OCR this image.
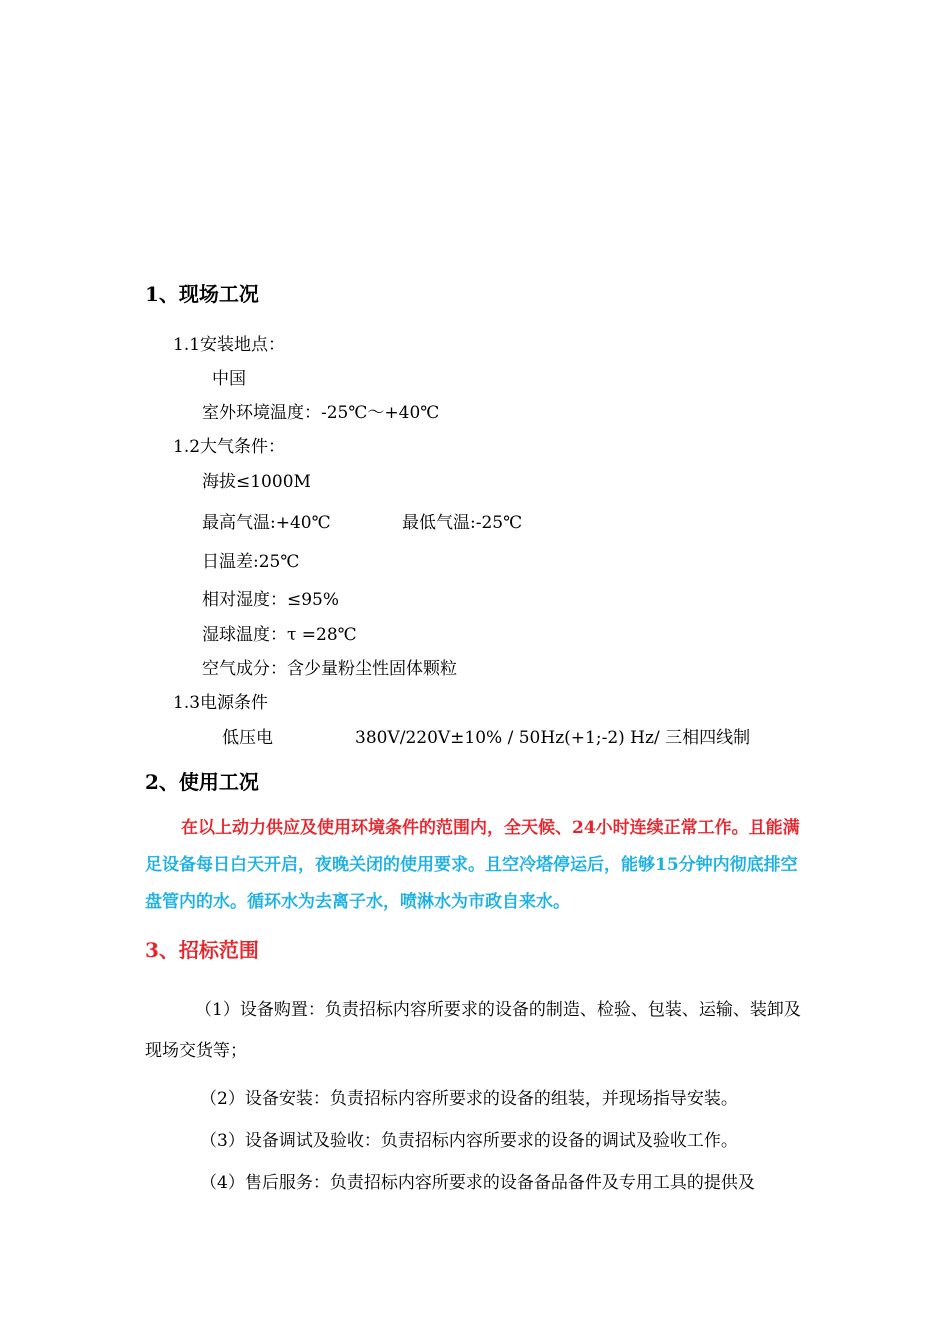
1、现场工况
1.1安装地点：
中国
室外环境温度：-25℃～+40℃
1.2大气条件：
海拔≤1000M
最高气温:+40℃	最低气温:-25℃
日温差:25℃
相对湿度：≤95%
湿球温度：τ =28℃
空气成分：含少量粉尘性固体颗粒
1.3电源条件
低压电	380V/220V±10% / 50Hz(+1;-2) Hz/ 三相四线制
2、使用工况
在以上动力供应及使用环境条件的范围内，全天候、24小时连续正常工作。且能满足设备每日白天开启，夜晚关闭的使用要求。且空冷塔停运后，能够15分钟内彻底排空盘管内的水。循环水为去离子水，喷淋水为市政自来水。
3、招标范围
（1）设备购置：负责招标内容所要求的设备的制造、检验、包装、运输、装卸及现场交货等；
（2）设备安装：负责招标内容所要求的设备的组装，并现场指导安装。
（3）设备调试及验收：负责招标内容所要求的设备的调试及验收工作。
（4）售后服务：负责招标内容所要求的设备备品备件及专用工具的提供及
